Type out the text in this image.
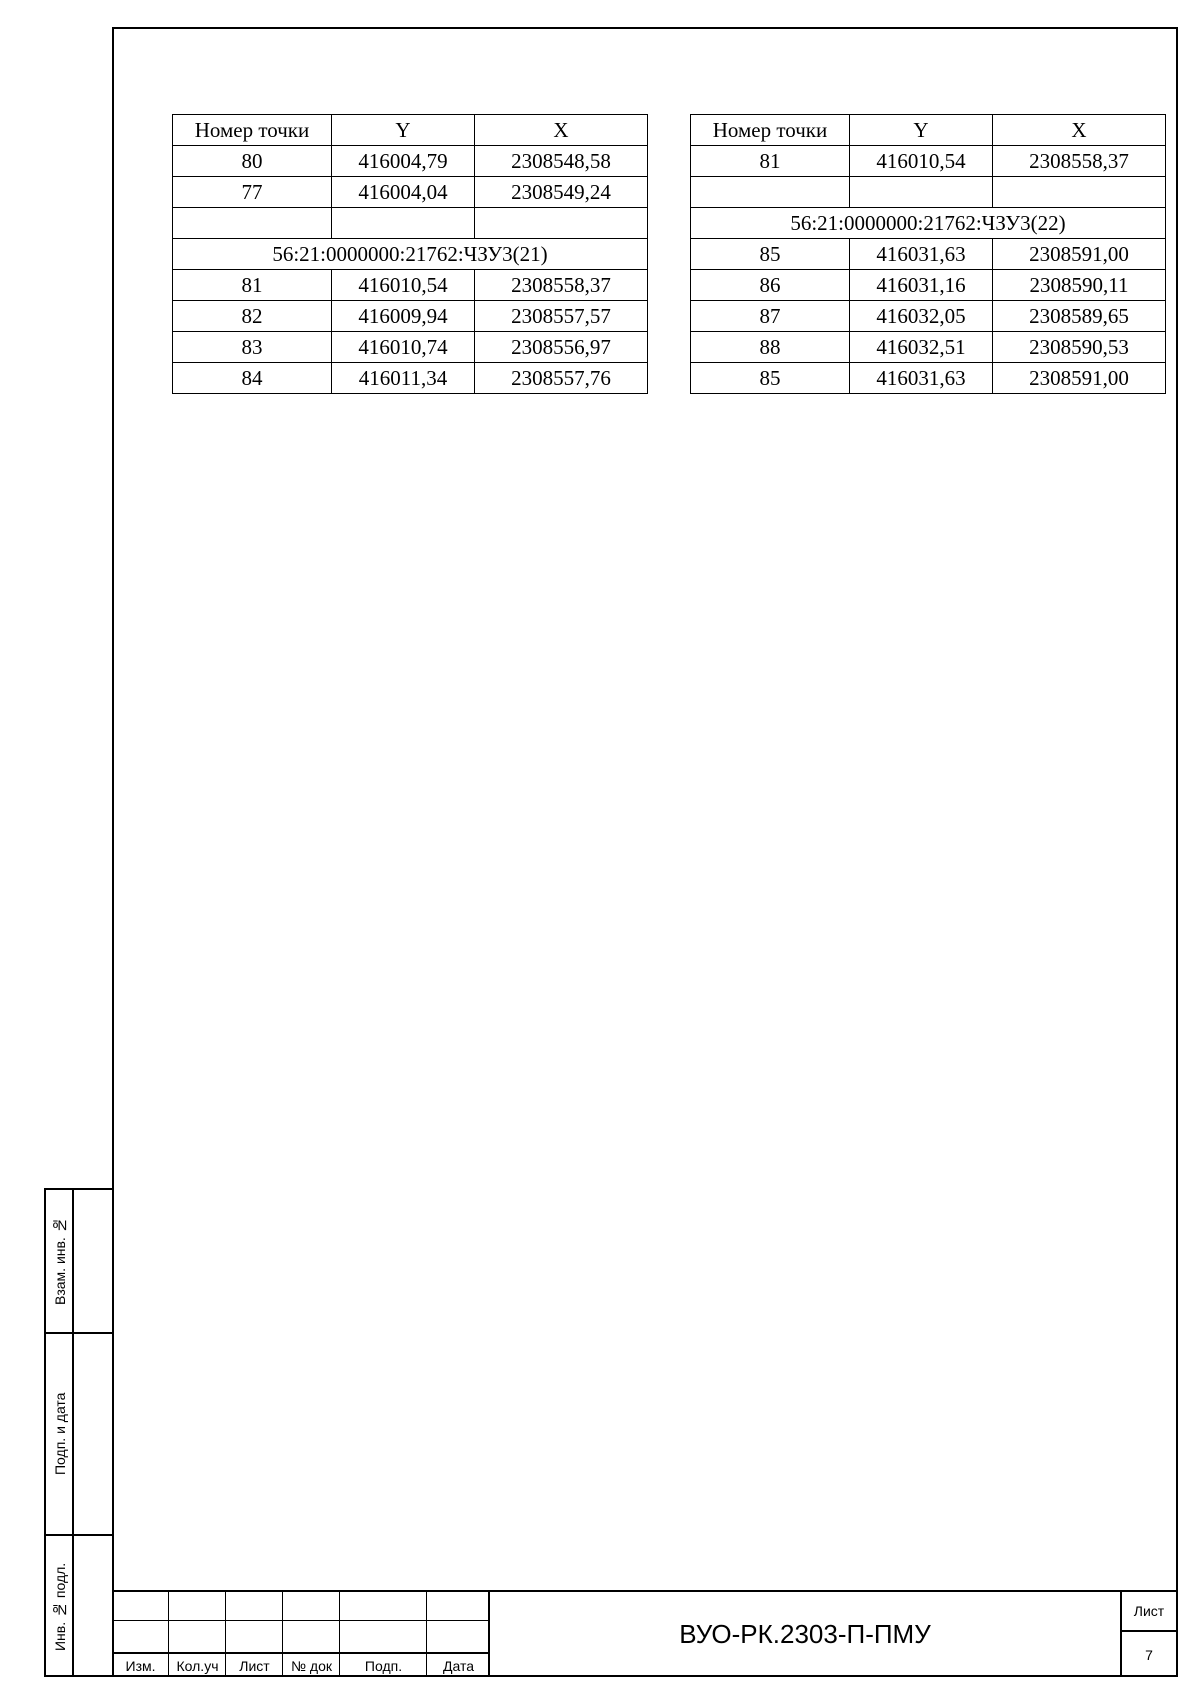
Номер точки	Y	X
80	416004,79	2308548,58
77	416004,04	2308549,24

56:21:0000000:21762:ЧЗУ3(21)		
81	416010,54	2308558,37
82	416009,94	2308557,57
83	416010,74	2308556,97
84	416011,34	2308557,76
Номер точки	Y	X
81	416010,54	2308558,37

56:21:0000000:21762:ЧЗУ3(22)		
85	416031,63	2308591,00
86	416031,16	2308590,11
87	416032,05	2308589,65
88	416032,51	2308590,53
85	416031,63	2308591,00
Взам. инв. №
Подп. и дата
Инв. № подл.
Изм.	Кол.уч	Лист	№ док	Подп.	Дата
ВУО-РК.2303-П-ПМУ
Лист
7
